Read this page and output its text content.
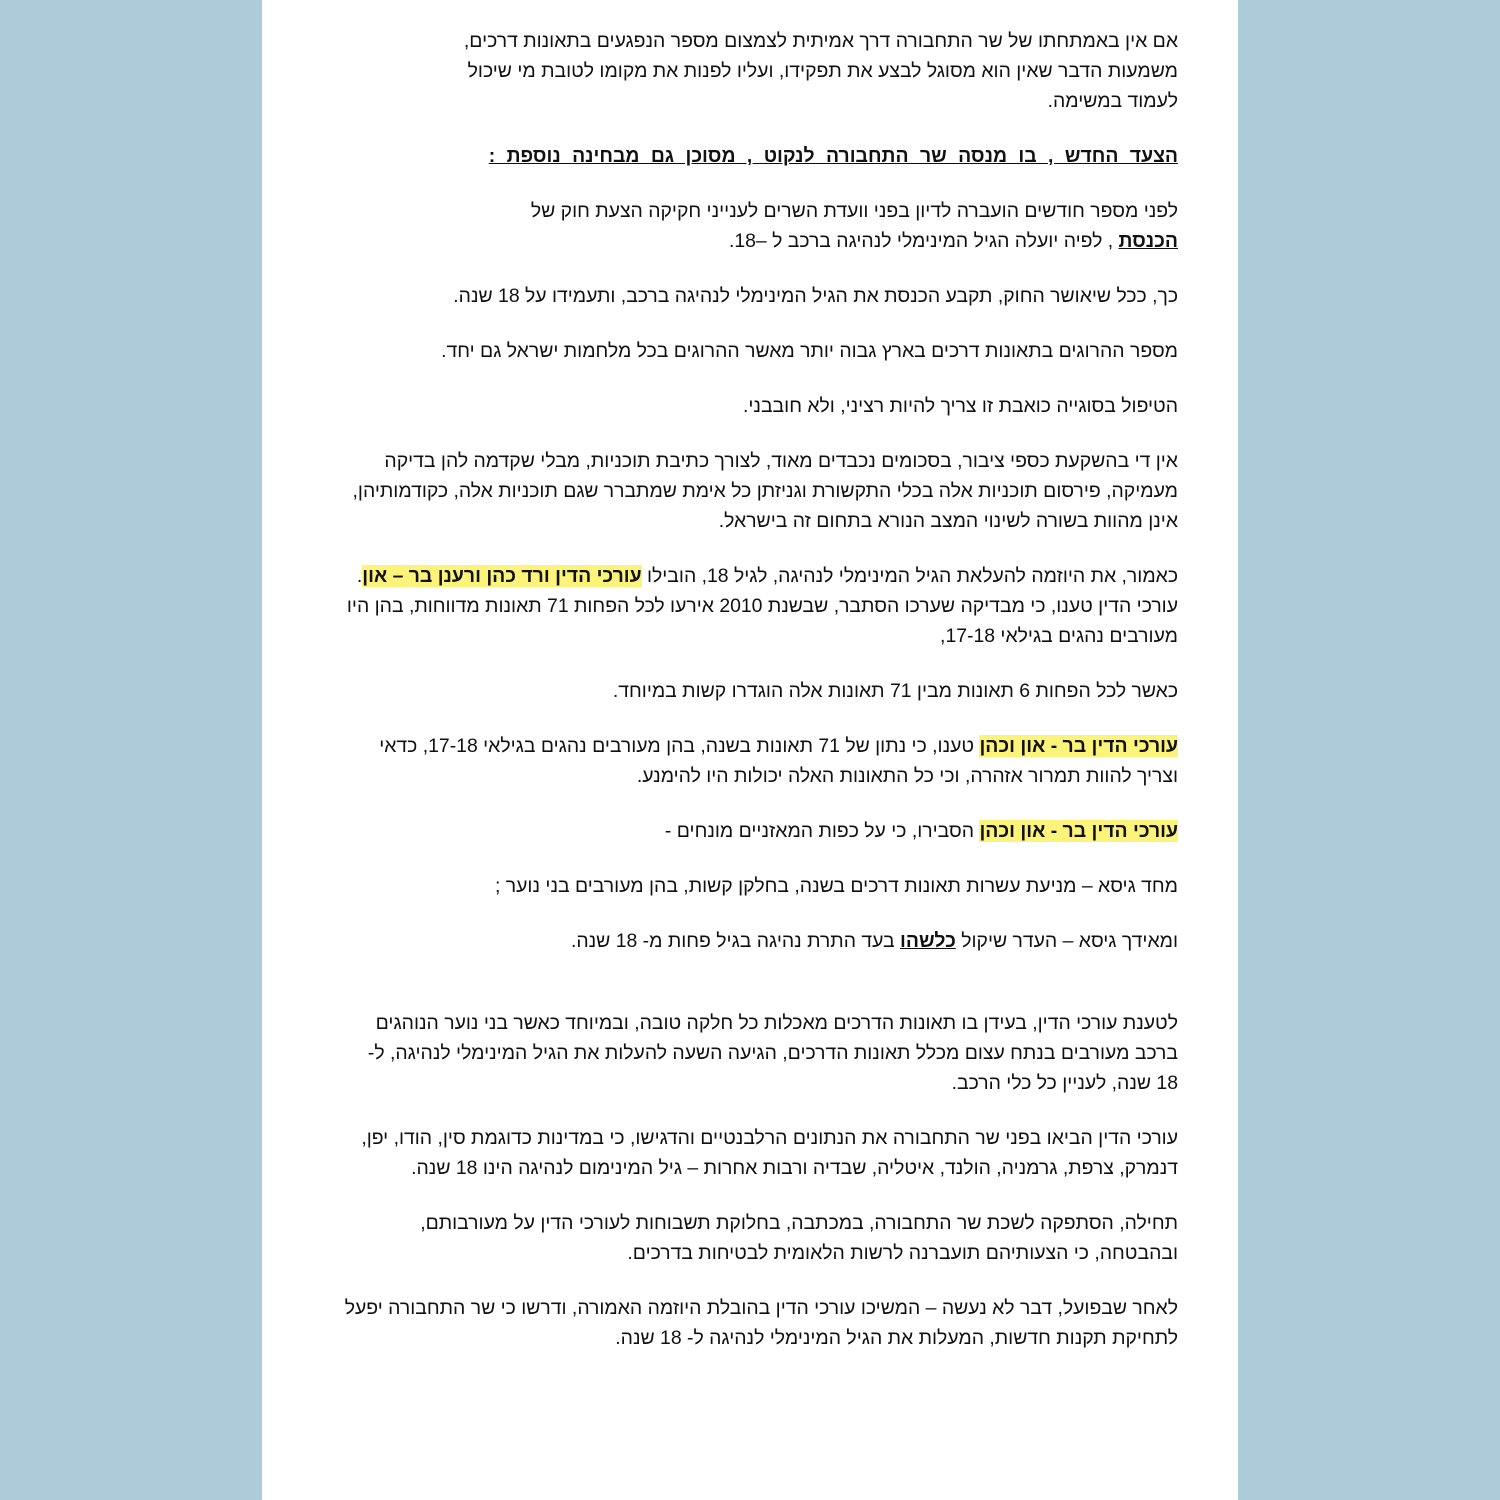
אם אין באמתחתו של שר התחבורה דרך אמיתית לצמצום מספר הנפגעים בתאונות דרכים,
משמעות הדבר שאין הוא מסוגל לבצע את תפקידו, ועליו לפנות את מקומו לטובת מי שיכול
לעמוד במשימה.

הצעד החדש , בו מנסה שר התחבורה לנקוט , מסוכן גם מבחינה נוספת :

לפני מספר חודשים הועברה לדיון בפני וועדת השרים לענייני חקיקה הצעת חוק של
הכנסת , לפיה יועלה הגיל המינימלי לנהיגה ברכב ל –18.

כך, ככל שיאושר החוק, תקבע הכנסת את הגיל המינימלי לנהיגה ברכב, ותעמידו על 18 שנה.

מספר ההרוגים בתאונות דרכים בארץ גבוה יותר מאשר ההרוגים בכל מלחמות ישראל גם יחד.

הטיפול בסוגייה כואבת זו צריך להיות רציני, ולא חובבני.

אין די בהשקעת כספי ציבור, בסכומים נכבדים מאוד, לצורך כתיבת תוכניות, מבלי שקדמה להן בדיקה מעמיקה, פירסום תוכניות אלה בכלי התקשורת וגניזתן כל אימת שמתברר שגם תוכניות אלה, כקודמותיהן, אינן מהוות בשורה לשינוי המצב הנורא בתחום זה בישראל.

כאמור, את היוזמה להעלאת הגיל המינימלי לנהיגה, לגיל 18, הובילו עורכי הדין ורד כהן ורענן בר – און. עורכי הדין טענו, כי מבדיקה שערכו הסתבר, שבשנת 2010 אירעו לכל הפחות 71 תאונות מדווחות, בהן היו מעורבים נהגים בגילאי 17-18,

כאשר לכל הפחות 6 תאונות מבין 71 תאונות אלה הוגדרו קשות במיוחד.

עורכי הדין בר - און וכהן טענו, כי נתון של 71 תאונות בשנה, בהן מעורבים נהגים בגילאי 17-18, כדאי וצריך להוות תמרור אזהרה, וכי כל התאונות האלה יכולות היו להימנע.

עורכי הדין בר - און וכהן הסבירו, כי על כפות המאזניים מונחים -

מחד גיסא – מניעת עשרות תאונות דרכים בשנה, בחלקן קשות, בהן מעורבים בני נוער ;

ומאידך גיסא – העדר שיקול כלשהו בעד התרת נהיגה בגיל פחות מ- 18 שנה.

לטענת עורכי הדין, בעידן בו תאונות הדרכים מאכלות כל חלקה טובה, ובמיוחד כאשר בני נוער הנוהגים ברכב מעורבים בנתח עצום מכלל תאונות הדרכים, הגיעה השעה להעלות את הגיל המינימלי לנהיגה, ל- 18 שנה, לעניין כל כלי הרכב.

עורכי הדין הביאו בפני שר התחבורה את הנתונים הרלבנטיים והדגישו, כי במדינות כדוגמת סין, הודו, יפן, דנמרק, צרפת, גרמניה, הולנד, איטליה, שבדיה ורבות אחרות – גיל המינימום לנהיגה הינו 18 שנה.

תחילה, הסתפקה לשכת שר התחבורה, במכתבה, בחלוקת תשבוחות לעורכי הדין על מעורבותם, ובהבטחה, כי הצעותיהם תועברנה לרשות הלאומית לבטיחות בדרכים.

לאחר שבפועל, דבר לא נעשה – המשיכו עורכי הדין בהובלת היוזמה האמורה, ודרשו כי שר התחבורה יפעל לתחיקת תקנות חדשות, המעלות את הגיל המינימלי לנהיגה ל- 18 שנה.
